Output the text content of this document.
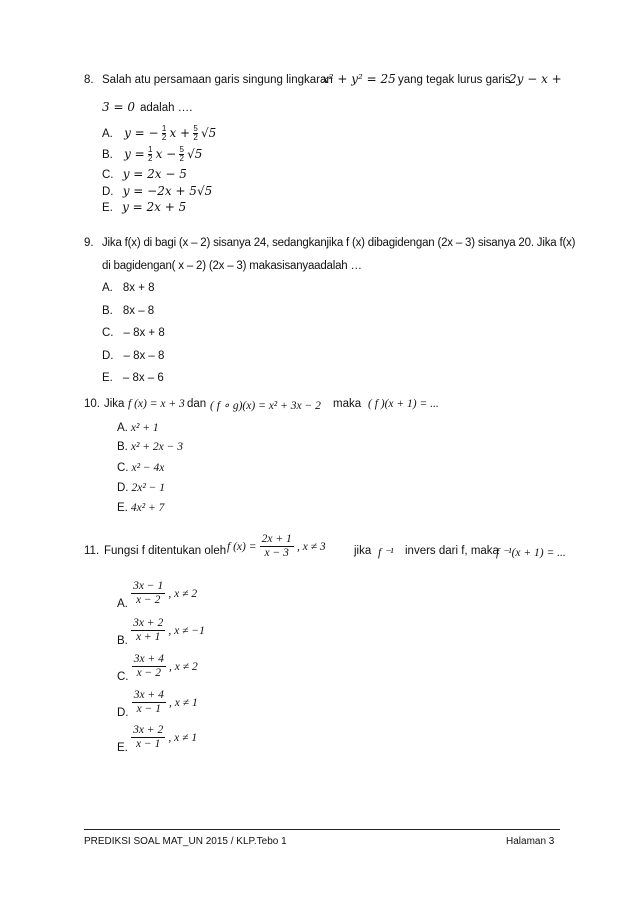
8. Salah atu persamaan garis singung lingkaran
x² + y² = 25 yang tegak lurus garis
2y − x +
3 = 0 adalah ….
A. y = − $\frac{1}{2}$ $x + \frac{5}{2} √5$
B. $y = \frac{1}{2}$ $x - \frac{5}{2} √5$
C. y = 2x − 5
D. y = −2x + 5√5
E. y = 2x + 5
9. Jika f(x) di bagi (x – 2) sisanya 24, sedangkanjika f (x) dibagidengan (2x – 3) sisanya 20. Jika f(x)
di bagidengan( x – 2) (2x – 3) makasisanyaadalah …
A. 8x + 8
B. 8x – 8
C. – 8x + 8
D. – 8x – 8
E. – 8x – 6
10. Jika f (x) = x + 3 dan ( f ∘ g)(x) = x² + 3x − 2 maka ( f )(x + 1) = ...
A. x² + 1
B. x² + 2x − 3
C. x² − 4x
D. 2x² − 1
E. 4x² + 7
11. Fungsi f ditentukan oleh f $(x) = \frac{2x + 1}{x - 3}$ , x ≠ 3 jika f ⁻¹ invers dari f, maka
f ⁻¹(x + 1) = ...
A. $\frac{3x - 1}{x - 2}$ , x ≠ 2
B. $\frac{3x + 2}{x + 1}$ , x ≠ −1
C. $\frac{3x + 4}{x - 2}$ , x ≠ 2
D. $\frac{3x + 4}{x - 1}$ , x ≠ 1
E. $\frac{3x + 2}{x - 1}$ , x ≠ 1
PREDIKSI SOAL MAT_UN 2015 / KLP.Tebo 1	Halaman 3
